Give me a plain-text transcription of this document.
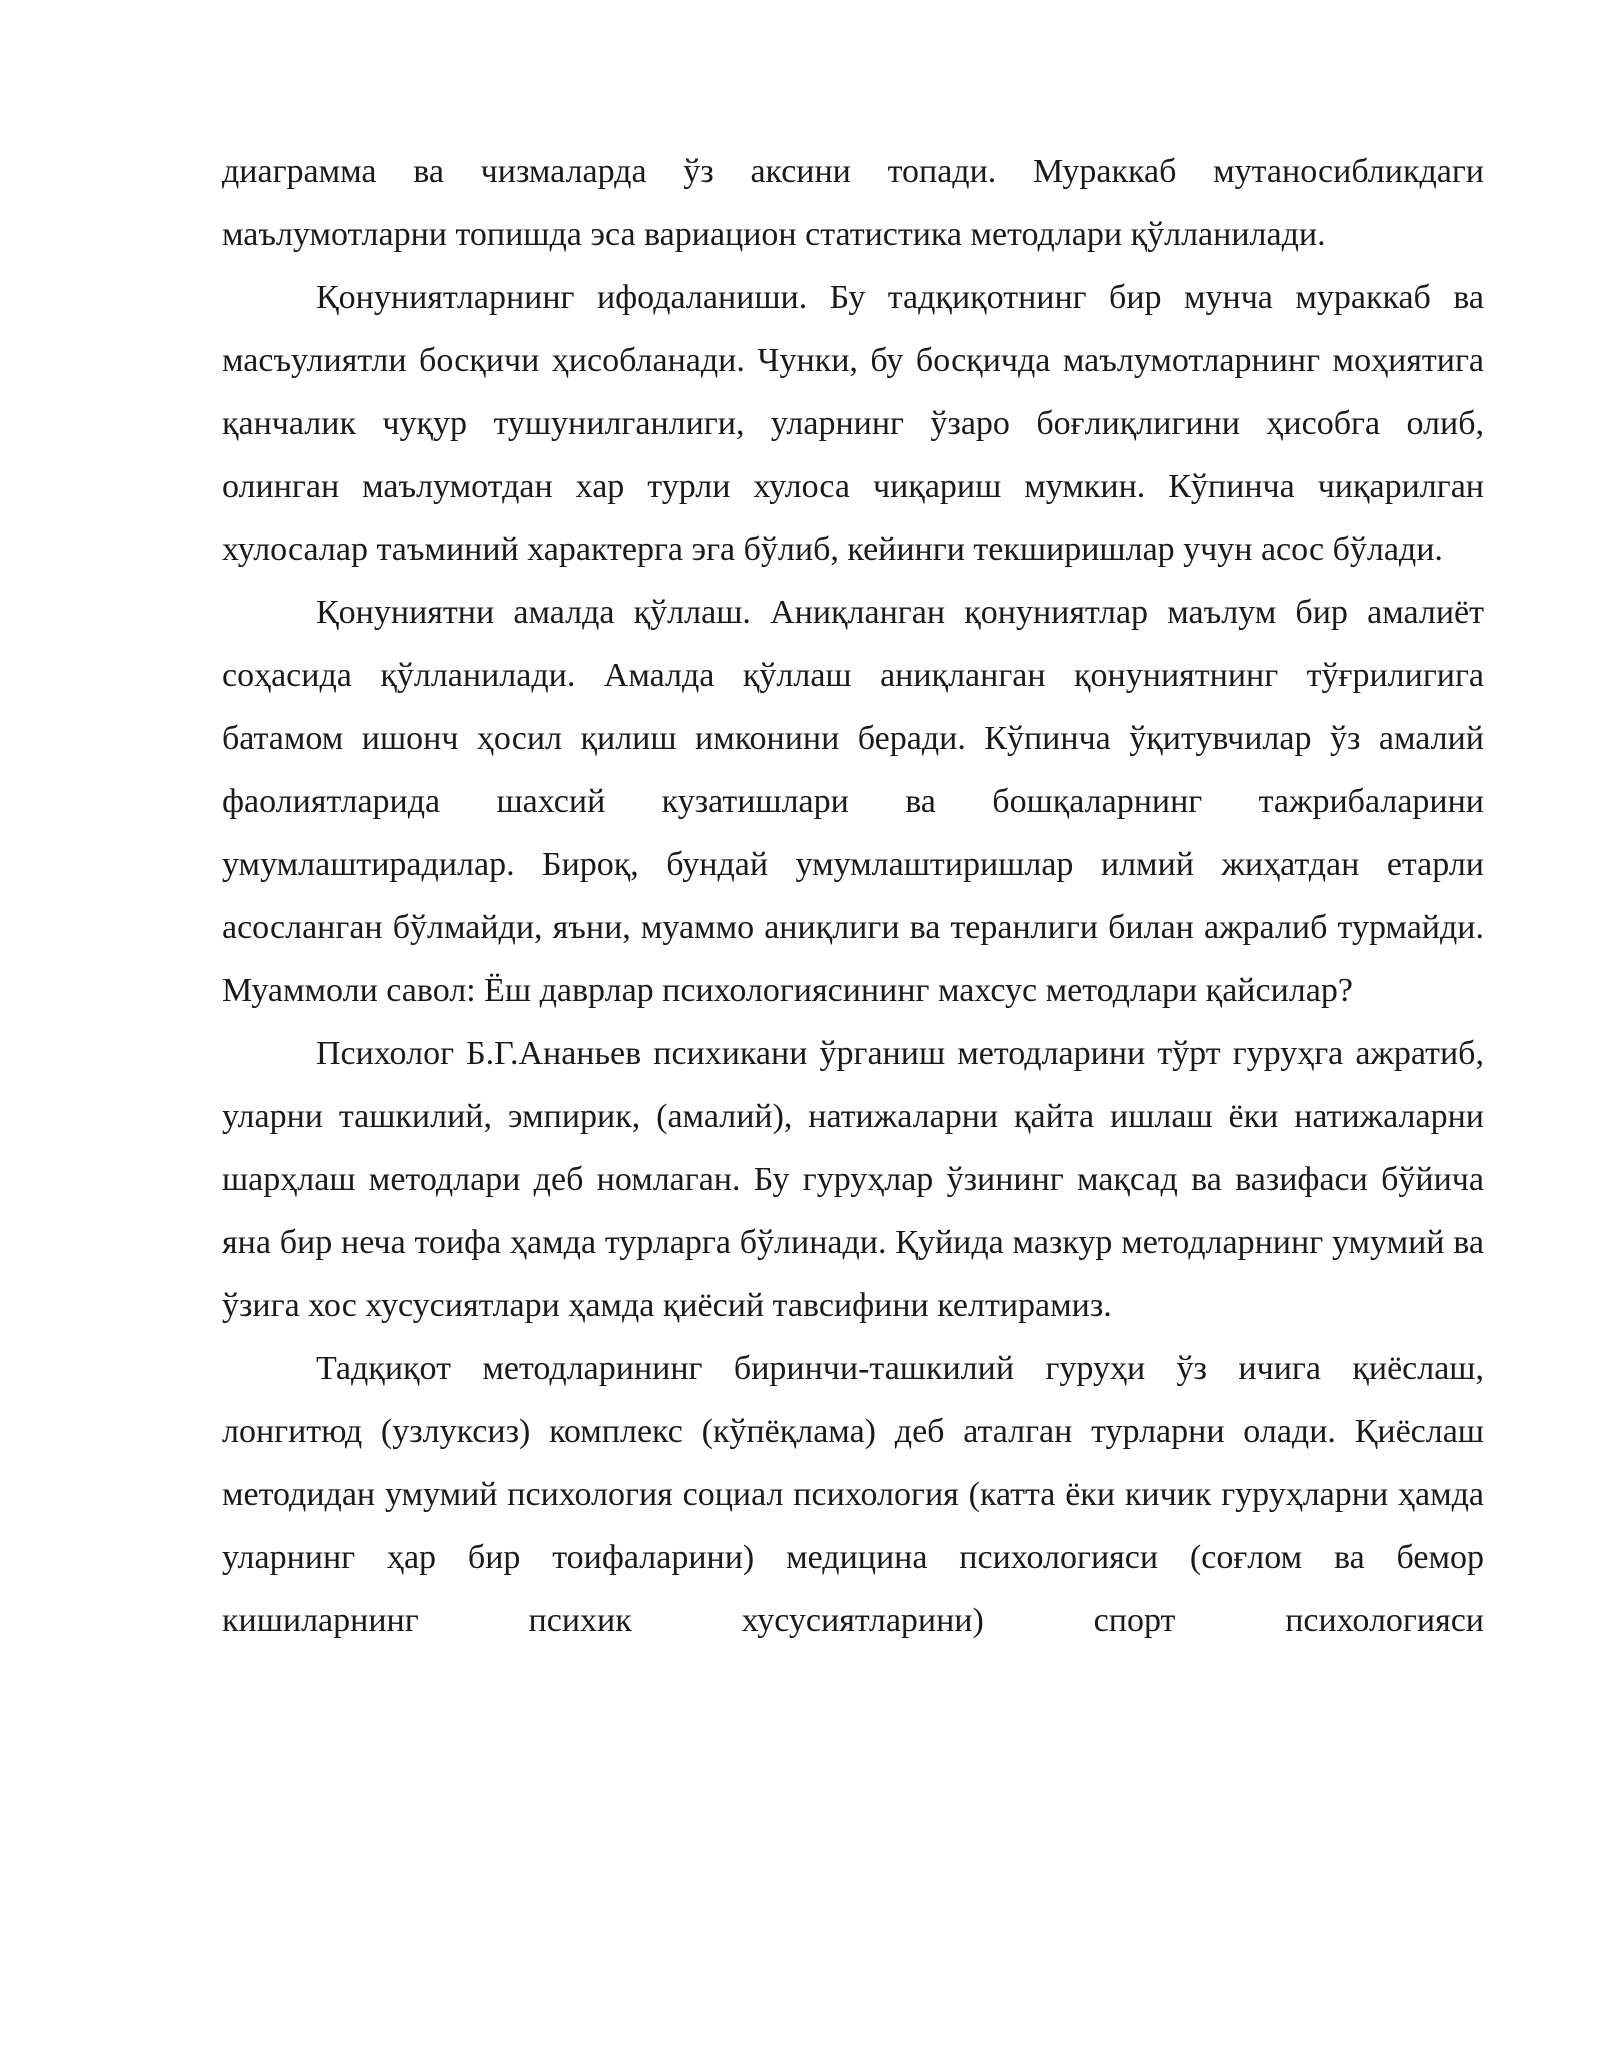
диаграмма ва чизмаларда ўз аксини топади. Мураккаб мутаносибликдаги маълумотларни топишда эса вариацион статистика методлари қўлланилади.

Қонуниятларнинг ифодаланиши. Бу тадқиқотнинг бир мунча мураккаб ва масъулиятли босқичи ҳисобланади. Чунки, бу босқичда маълумотларнинг моҳиятига қанчалик чуқур тушунилганлиги, уларнинг ўзаро боғлиқлигини ҳисобга олиб, олинган маълумотдан хар турли хулоса чиқариш мумкин. Кўпинча чиқарилган хулосалар таъминий характерга эга бўлиб, кейинги текширишлар учун асос бўлади.

Қонуниятни амалда қўллаш. Аниқланган қонуниятлар маълум бир амалиёт соҳасида қўлланилади. Амалда қўллаш аниқланган қонуниятнинг тўғрилигига батамом ишонч ҳосил қилиш имконини беради. Кўпинча ўқитувчилар ўз амалий фаолиятларида шахсий кузатишлари ва бошқаларнинг тажрибаларини умумлаштирадилар. Бироқ, бундай умумлаштиришлар илмий жиҳатдан етарли асосланган бўлмайди, яъни, муаммо аниқлиги ва теранлиги билан ажралиб турмайди. Муаммоли савол: Ёш даврлар психологиясининг махсус методлари қайсилар?

Психолог Б.Г.Ананьев психикани ўрганиш методларини тўрт гуруҳга ажратиб, уларни ташкилий, эмпирик, (амалий), натижаларни қайта ишлаш ёки натижаларни шарҳлаш методлари деб номлаган. Бу гуруҳлар ўзининг мақсад ва вазифаси бўйича яна бир неча тоифа ҳамда турларга бўлинади. Қуйида мазкур методларнинг умумий ва ўзига хос хусусиятлари ҳамда қиёсий тавсифини келтирамиз.

Тадқиқот методларининг биринчи-ташкилий гуруҳи ўз ичига қиёслаш, лонгитюд (узлуксиз) комплекс (кўпёқлама) деб аталган турларни олади. Қиёслаш методидан умумий психология социал психология (катта ёки кичик гуруҳларни ҳамда уларнинг ҳар бир тоифаларини) медицина психологияси (соғлом ва бемор кишиларнинг психик хусусиятларини) спорт психологияси
